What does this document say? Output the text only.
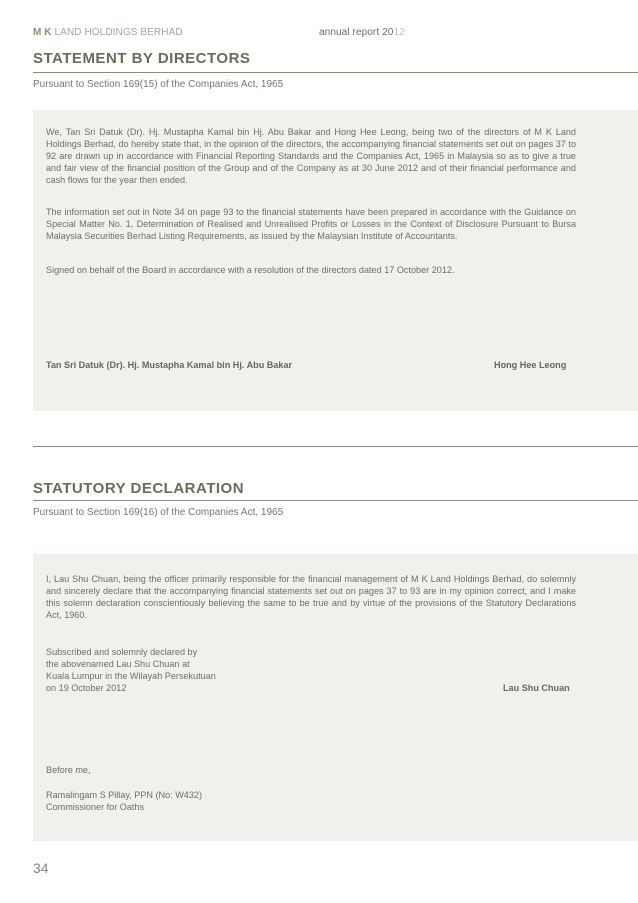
M K LAND HOLDINGS BERHAD	annual report 2012
STATEMENT BY DIRECTORS
Pursuant to Section 169(15) of the Companies Act, 1965
We, Tan Sri Datuk (Dr). Hj. Mustapha Kamal bin Hj. Abu Bakar and Hong Hee Leong, being two of the directors of M K Land Holdings Berhad, do hereby state that, in the opinion of the directors, the accompanying financial statements set out on pages 37 to 92 are drawn up in accordance with Financial Reporting Standards and the Companies Act, 1965 in Malaysia so as to give a true and fair view of the financial position of the Group and of the Company as at 30 June 2012 and of their financial performance and cash flows for the year then ended.
The information set out in Note 34 on page 93 to the financial statements have been prepared in accordance with the Guidance on Special Matter No. 1, Determination of Realised and Unrealised Profits or Losses in the Context of Disclosure Pursuant to Bursa Malaysia Securities Berhad Listing Requirements, as issued by the Malaysian Institute of Accountants.
Signed on behalf of the Board in accordance with a resolution of the directors dated 17 October 2012.
Tan Sri Datuk (Dr). Hj. Mustapha Kamal bin Hj. Abu Bakar	Hong Hee Leong
STATUTORY DECLARATION
Pursuant to Section 169(16) of the Companies Act, 1965
I, Lau Shu Chuan, being the officer primarily responsible for the financial management of M K Land Holdings Berhad, do solemnly and sincerely declare that the accompanying financial statements set out on pages 37 to 93 are in my opinion correct, and I make this solemn declaration conscientiously believing the same to be true and by virtue of the provisions of the Statutory Declarations Act, 1960.
Subscribed and solemnly declared by
the abovenamed Lau Shu Chuan at
Kuala Lumpur in the Wilayah Persekutuan
on 19 October 2012	Lau Shu Chuan
Before me,
Ramalingam S Pillay, PPN (No: W432)
Commissioner for Oaths
34
